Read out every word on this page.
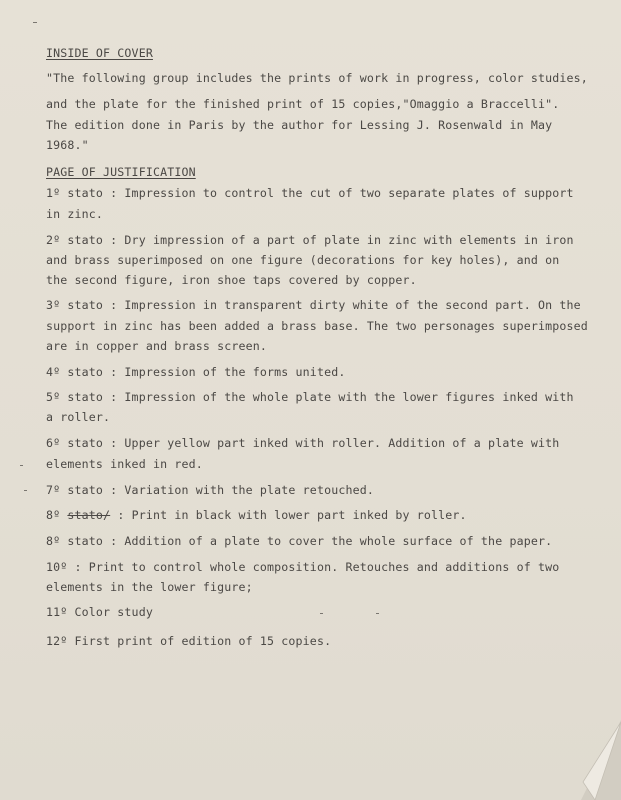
INSIDE OF COVER
"The following group includes the prints of work in progress, color studies,
and the plate for the finished print of 15 copies,"Omaggio a Braccelli".
The edition done in Paris by the author for Lessing J. Rosenwald in May
1968."
PAGE OF JUSTIFICATION
1º stato : Impression to control the cut of two separate plates of support
in zinc.
2º stato : Dry impression of a part of plate in zinc with elements in iron
and brass superimposed on one figure (decorations for key holes), and on
the second figure, iron shoe taps covered by copper.
3º stato : Impression in transparent dirty white of the second part. On the
support in zinc has been added a brass base. The two personages superimposed
are in copper and brass screen.
4º stato : Impression of the forms united.
5º stato : Impression of the whole plate with the lower figures inked with
a roller.
6º stato : Upper yellow part inked with roller. Addition of a plate with
elements inked in red.
7º stato : Variation with the plate retouched.
8º stato/ : Print in black with lower part inked by roller.
8º stato : Addition of a plate to cover the whole surface of the paper.
10º : Print to control whole composition. Retouches and additions of two
elements in the lower figure;
11º Color study
12º First print of edition of 15 copies.
